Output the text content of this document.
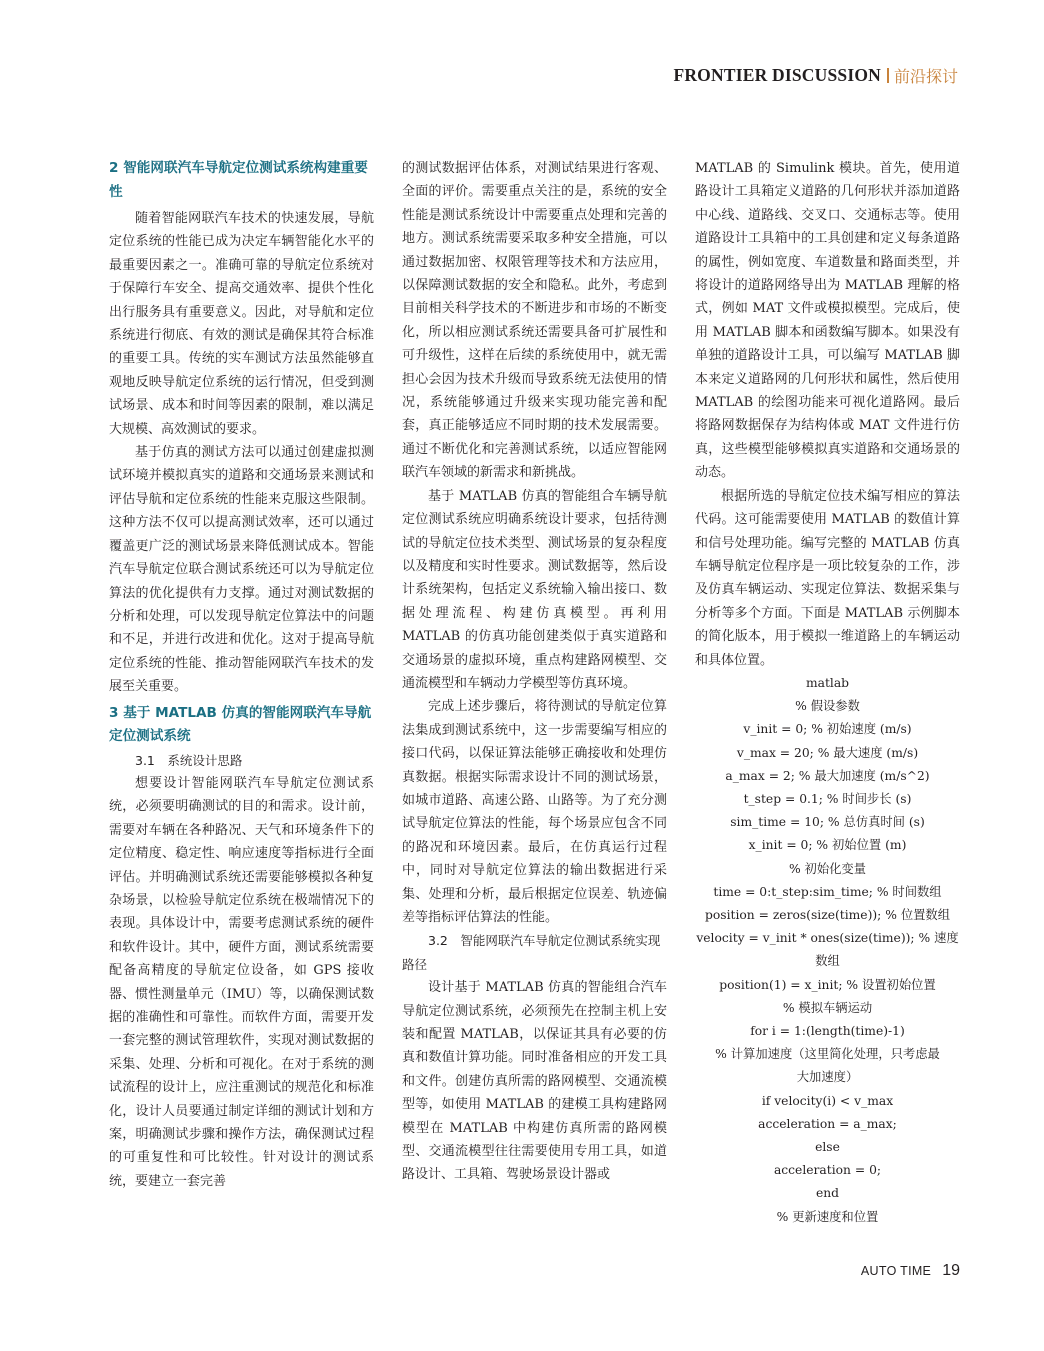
FRONTIER DISCUSSION 前沿探讨
2 智能网联汽车导航定位测试系统构建重要性

随着智能网联汽车技术的快速发展，导航定位系统的性能已成为决定车辆智能化水平的最重要因素之一。准确可靠的导航定位系统对于保障行车安全、提高交通效率、提供个性化出行服务具有重要意义。因此，对导航和定位系统进行彻底、有效的测试是确保其符合标准的重要工具。传统的实车测试方法虽然能够直观地反映导航定位系统的运行情况，但受到测试场景、成本和时间等因素的限制，难以满足大规模、高效测试的要求。

基于仿真的测试方法可以通过创建虚拟测试环境并模拟真实的道路和交通场景来测试和评估导航和定位系统的性能来克服这些限制。这种方法不仅可以提高测试效率，还可以通过覆盖更广泛的测试场景来降低测试成本。智能汽车导航定位联合测试系统还可以为导航定位算法的优化提供有力支撑。通过对测试数据的分析和处理，可以发现导航定位算法中的问题和不足，并进行改进和优化。这对于提高导航定位系统的性能、推动智能网联汽车技术的发展至关重要。

3 基于 MATLAB 仿真的智能网联汽车导航定位测试系统
3.1　系统设计思路

想要设计智能网联汽车导航定位测试系统，必须要明确测试的目的和需求。设计前，需要对车辆在各种路况、天气和环境条件下的定位精度、稳定性、响应速度等指标进行全面评估。并明确测试系统还需要能够模拟各种复杂场景，以检验导航定位系统在极端情况下的表现。具体设计中，需要考虑测试系统的硬件和软件设计。其中，硬件方面，测试系统需要配备高精度的导航定位设备，如 GPS 接收器、惯性测量单元（IMU）等，以确保测试数据的准确性和可靠性。而软件方面，需要开发一套完整的测试管理软件，实现对测试数据的采集、处理、分析和可视化。在对于系统的测试流程的设计上，应注重测试的规范化和标准化，设计人员要通过制定详细的测试计划和方案，明确测试步骤和操作方法，确保测试过程的可重复性和可比较性。针对设计的测试系统，要建立一套完善

的测试数据评估体系，对测试结果进行客观、全面的评价。需要重点关注的是，系统的安全性能是测试系统设计中需要重点处理和完善的地方。测试系统需要采取多种安全措施，可以通过数据加密、权限管理等技术和方法应用，以保障测试数据的安全和隐私。此外，考虑到目前相关科学技术的不断进步和市场的不断变化，所以相应测试系统还需要具备可扩展性和可升级性，这样在后续的系统使用中，就无需担心会因为技术升级而导致系统无法使用的情况，系统能够通过升级来实现功能完善和配套，真正能够适应不同时期的技术发展需要。通过不断优化和完善测试系统，以适应智能网联汽车领域的新需求和新挑战。

基于 MATLAB 仿真的智能组合车辆导航定位测试系统应明确系统设计要求，包括待测试的导航定位技术类型、测试场景的复杂程度以及精度和实时性要求。测试数据等，然后设计系统架构，包括定义系统输入输出接口、数据处理流程、构建仿真模型。再利用 MATLAB 的仿真功能创建类似于真实道路和交通场景的虚拟环境，重点构建路网模型、交通流模型和车辆动力学模型等仿真环境。

完成上述步骤后，将待测试的导航定位算法集成到测试系统中，这一步需要编写相应的接口代码，以保证算法能够正确接收和处理仿真数据。根据实际需求设计不同的测试场景，如城市道路、高速公路、山路等。为了充分测试导航定位算法的性能，每个场景应包含不同的路况和环境因素。最后，在仿真运行过程中，同时对导航定位算法的输出数据进行采集、处理和分析，最后根据定位误差、轨迹偏差等指标评估算法的性能。

3.2　智能网联汽车导航定位测试系统实现路径

设计基于 MATLAB 仿真的智能组合汽车导航定位测试系统，必须预先在控制主机上安装和配置 MATLAB，以保证其具有必要的仿真和数值计算功能。同时准备相应的开发工具和文件。创建仿真所需的路网模型、交通流模型等，如使用 MATLAB 的建模工具构建路网模型在 MATLAB 中构建仿真所需的路网模型、交通流模型往往需要使用专用工具，如道路设计、工具箱、驾驶场景设计器或

MATLAB 的 Simulink 模块。首先，使用道路设计工具箱定义道路的几何形状并添加道路中心线、道路线、交叉口、交通标志等。使用道路设计工具箱中的工具创建和定义每条道路的属性，例如宽度、车道数量和路面类型，并将设计的道路网络导出为 MATLAB 理解的格式，例如 MAT 文件或模拟模型。完成后，使用 MATLAB 脚本和函数编写脚本。如果没有单独的道路设计工具，可以编写 MATLAB 脚本来定义道路网的几何形状和属性，然后使用 MATLAB 的绘图功能来可视化道路网。最后将路网数据保存为结构体或 MAT 文件进行仿真，这些模型能够模拟真实道路和交通场景的动态。

根据所选的导航定位技术编写相应的算法代码。这可能需要使用 MATLAB 的数值计算和信号处理功能。编写完整的 MATLAB 仿真车辆导航定位程序是一项比较复杂的工作，涉及仿真车辆运动、实现定位算法、数据采集与分析等多个方面。下面是 MATLAB 示例脚本的简化版本，用于模拟一维道路上的车辆运动和具体位置。

matlab
% 假设参数
v_init = 0; % 初始速度 (m/s)
v_max = 20; % 最大速度 (m/s)
a_max = 2; % 最大加速度 (m/s^2)
t_step = 0.1; % 时间步长 (s)
sim_time = 10; % 总仿真时间 (s)
x_init = 0; % 初始位置 (m)
% 初始化变量
time = 0:t_step:sim_time; % 时间数组
position = zeros(size(time)); % 位置数组
velocity = v_init * ones(size(time)); % 速度数组
position(1) = x_init; % 设置初始位置
% 模拟车辆运动
for i = 1:(length(time)-1)
% 计算加速度（这里简化处理，只考虑最
大加速度）
if velocity(i) < v_max
acceleration = a_max;
else
acceleration = 0;
end
% 更新速度和位置
AUTO TIME 19
